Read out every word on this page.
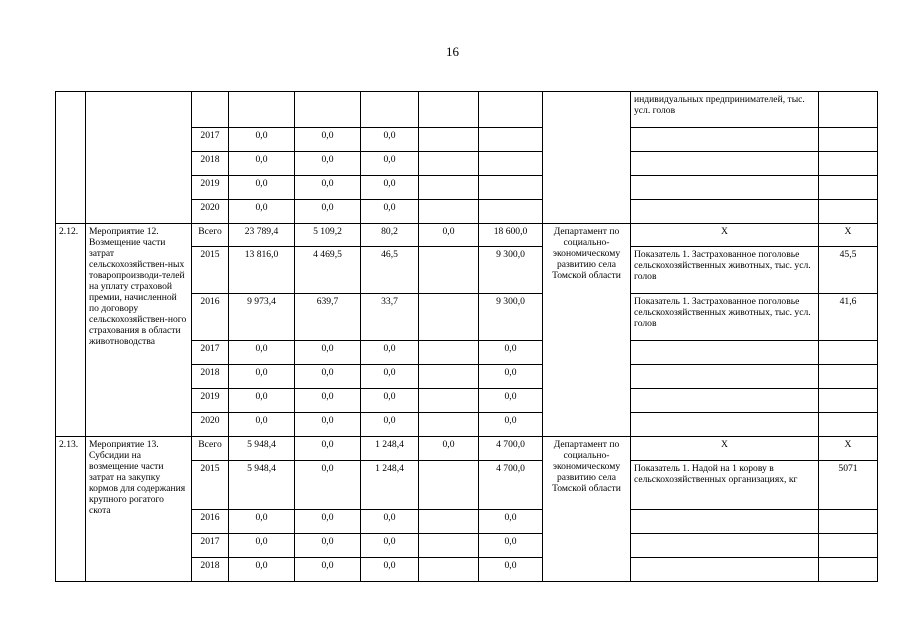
16
									индивидуальных предпринимателей, тыс. усл. голов	
		2017	0,0	0,0	0,0					
		2018	0,0	0,0	0,0					
		2019	0,0	0,0	0,0					
		2020	0,0	0,0	0,0					
2.12.	Мероприятие 12. Возмещение части затрат сельскохозяйствен-ных товаропроизводи-телей на уплату страховой премии, начисленной по договору сельскохозяйствен-ного страхования в области животноводства	Всего	23 789,4	5 109,2	80,2	0,0	18 600,0	Департамент по социально-экономическому развитию села Томской области	Х	Х
		2015	13 816,0	4 469,5	46,5		9 300,0		Показатель 1. Застрахованное поголовье сельскохозяйственных животных, тыс. усл. голов	45,5
		2016	9 973,4	639,7	33,7		9 300,0		Показатель 1. Застрахованное поголовье сельскохозяйственных животных, тыс. усл. голов	41,6
		2017	0,0	0,0	0,0		0,0			
		2018	0,0	0,0	0,0		0,0			
		2019	0,0	0,0	0,0		0,0			
		2020	0,0	0,0	0,0		0,0			
2.13.	Мероприятие 13. Субсидии на возмещение части затрат на закупку кормов для содержания крупного рогатого скота	Всего	5 948,4	0,0	1 248,4	0,0	4 700,0	Департамент по социально-экономическому развитию села Томской области	Х	Х
		2015	5 948,4	0,0	1 248,4		4 700,0		Показатель 1. Надой на 1 корову в сельскохозяйственных организациях, кг	5071
		2016	0,0	0,0	0,0		0,0			
		2017	0,0	0,0	0,0		0,0			
		2018	0,0	0,0	0,0		0,0			
